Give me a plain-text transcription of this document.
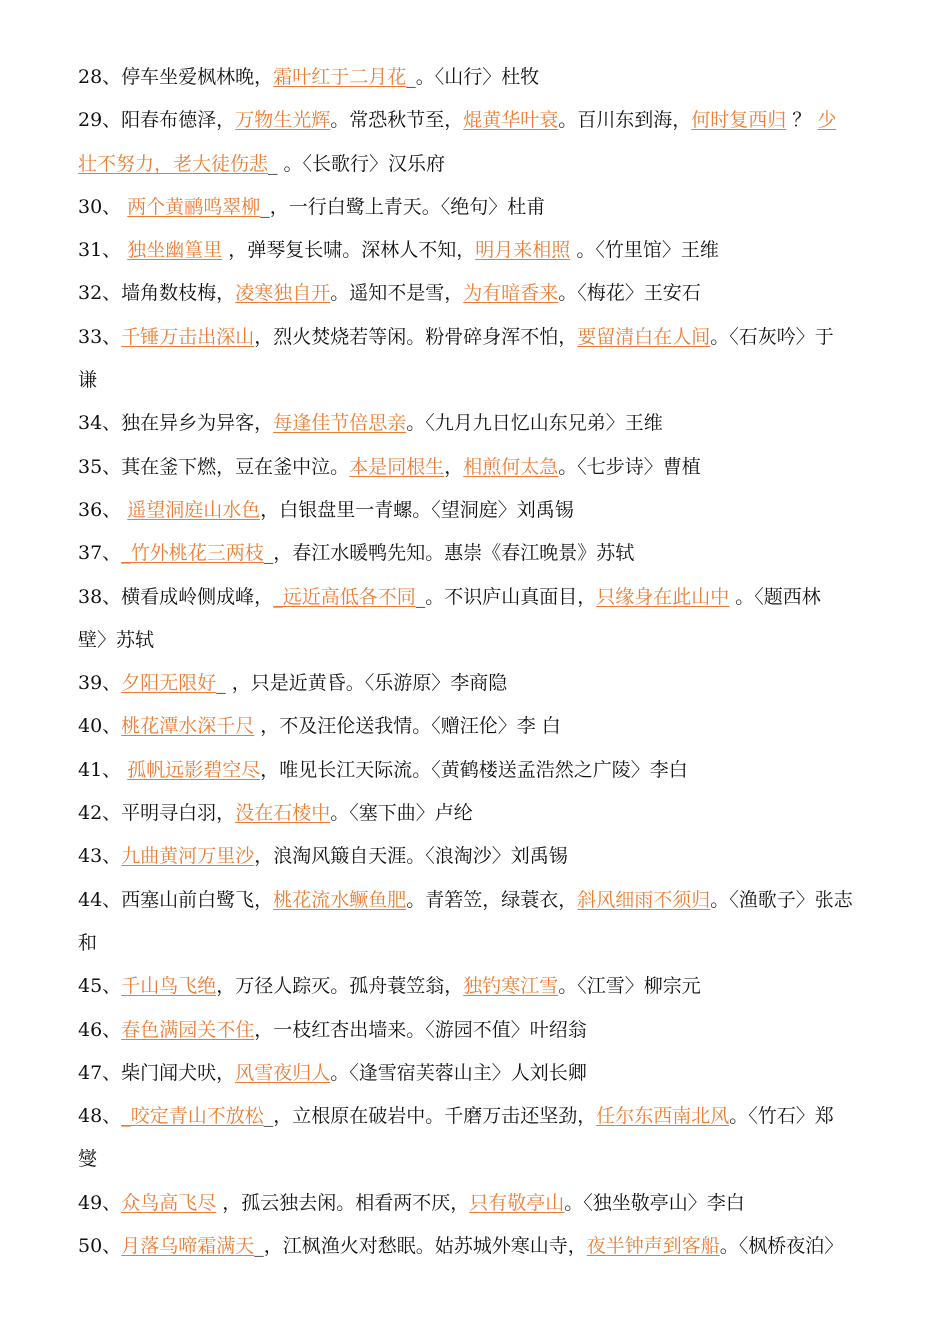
28、停车坐爱枫林晚，霜叶红于二月花_。〈山行〉杜牧
29、阳春布德泽，万物生光辉。常恐秋节至，焜黄华叶衰。百川东到海，何时复西归 ？ 少
壮不努力，老大徒伤悲_ 。〈长歌行〉汉乐府
30、 两个黄鹂鸣翠柳_，一行白鹭上青天。〈绝句〉杜甫
31、 独坐幽篁里 ，弹琴复长啸。深林人不知，明月来相照 。〈竹里馆〉王维
32、墙角数枝梅，凌寒独自开。遥知不是雪，为有暗香来。〈梅花〉王安石
33、千锤万击出深山，烈火焚烧若等闲。粉骨碎身浑不怕，要留清白在人间。〈石灰吟〉于
谦
34、独在异乡为异客，每逢佳节倍思亲。〈九月九日忆山东兄弟〉王维
35、萁在釜下燃，豆在釜中泣。本是同根生，相煎何太急。〈七步诗〉曹植
36、 遥望洞庭山水色，白银盘里一青螺。〈望洞庭〉刘禹锡
37、_竹外桃花三两枝_，春江水暖鸭先知。惠崇《春江晚景》苏轼
38、横看成岭侧成峰，_远近高低各不同_。不识庐山真面目，只缘身在此山中 。〈题西林
壁〉苏轼
39、夕阳无限好_ ，只是近黄昏。〈乐游原〉李商隐
40、桃花潭水深千尺 ，不及汪伦送我情。〈赠汪伦〉李 白
41、 孤帆远影碧空尽，唯见长江天际流。〈黄鹤楼送孟浩然之广陵〉李白
42、平明寻白羽，没在石棱中。〈塞下曲〉卢纶
43、九曲黄河万里沙，浪淘风簸自天涯。〈浪淘沙〉刘禹锡
44、西塞山前白鹭飞，桃花流水鳜鱼肥。青箬笠，绿蓑衣，斜风细雨不须归。〈渔歌子〉张志
和
45、千山鸟飞绝，万径人踪灭。孤舟蓑笠翁，独钓寒江雪。〈江雪〉柳宗元
46、春色满园关不住，一枝红杏出墙来。〈游园不值〉叶绍翁
47、柴门闻犬吠，风雪夜归人。〈逢雪宿芙蓉山主〉人刘长卿
48、_咬定青山不放松_，立根原在破岩中。千磨万击还坚劲，任尔东西南北风。〈竹石〉郑
燮
49、众鸟高飞尽 ，孤云独去闲。相看两不厌，只有敬亭山。〈独坐敬亭山〉李白
50、月落乌啼霜满天_，江枫渔火对愁眠。姑苏城外寒山寺，夜半钟声到客船。〈枫桥夜泊〉
